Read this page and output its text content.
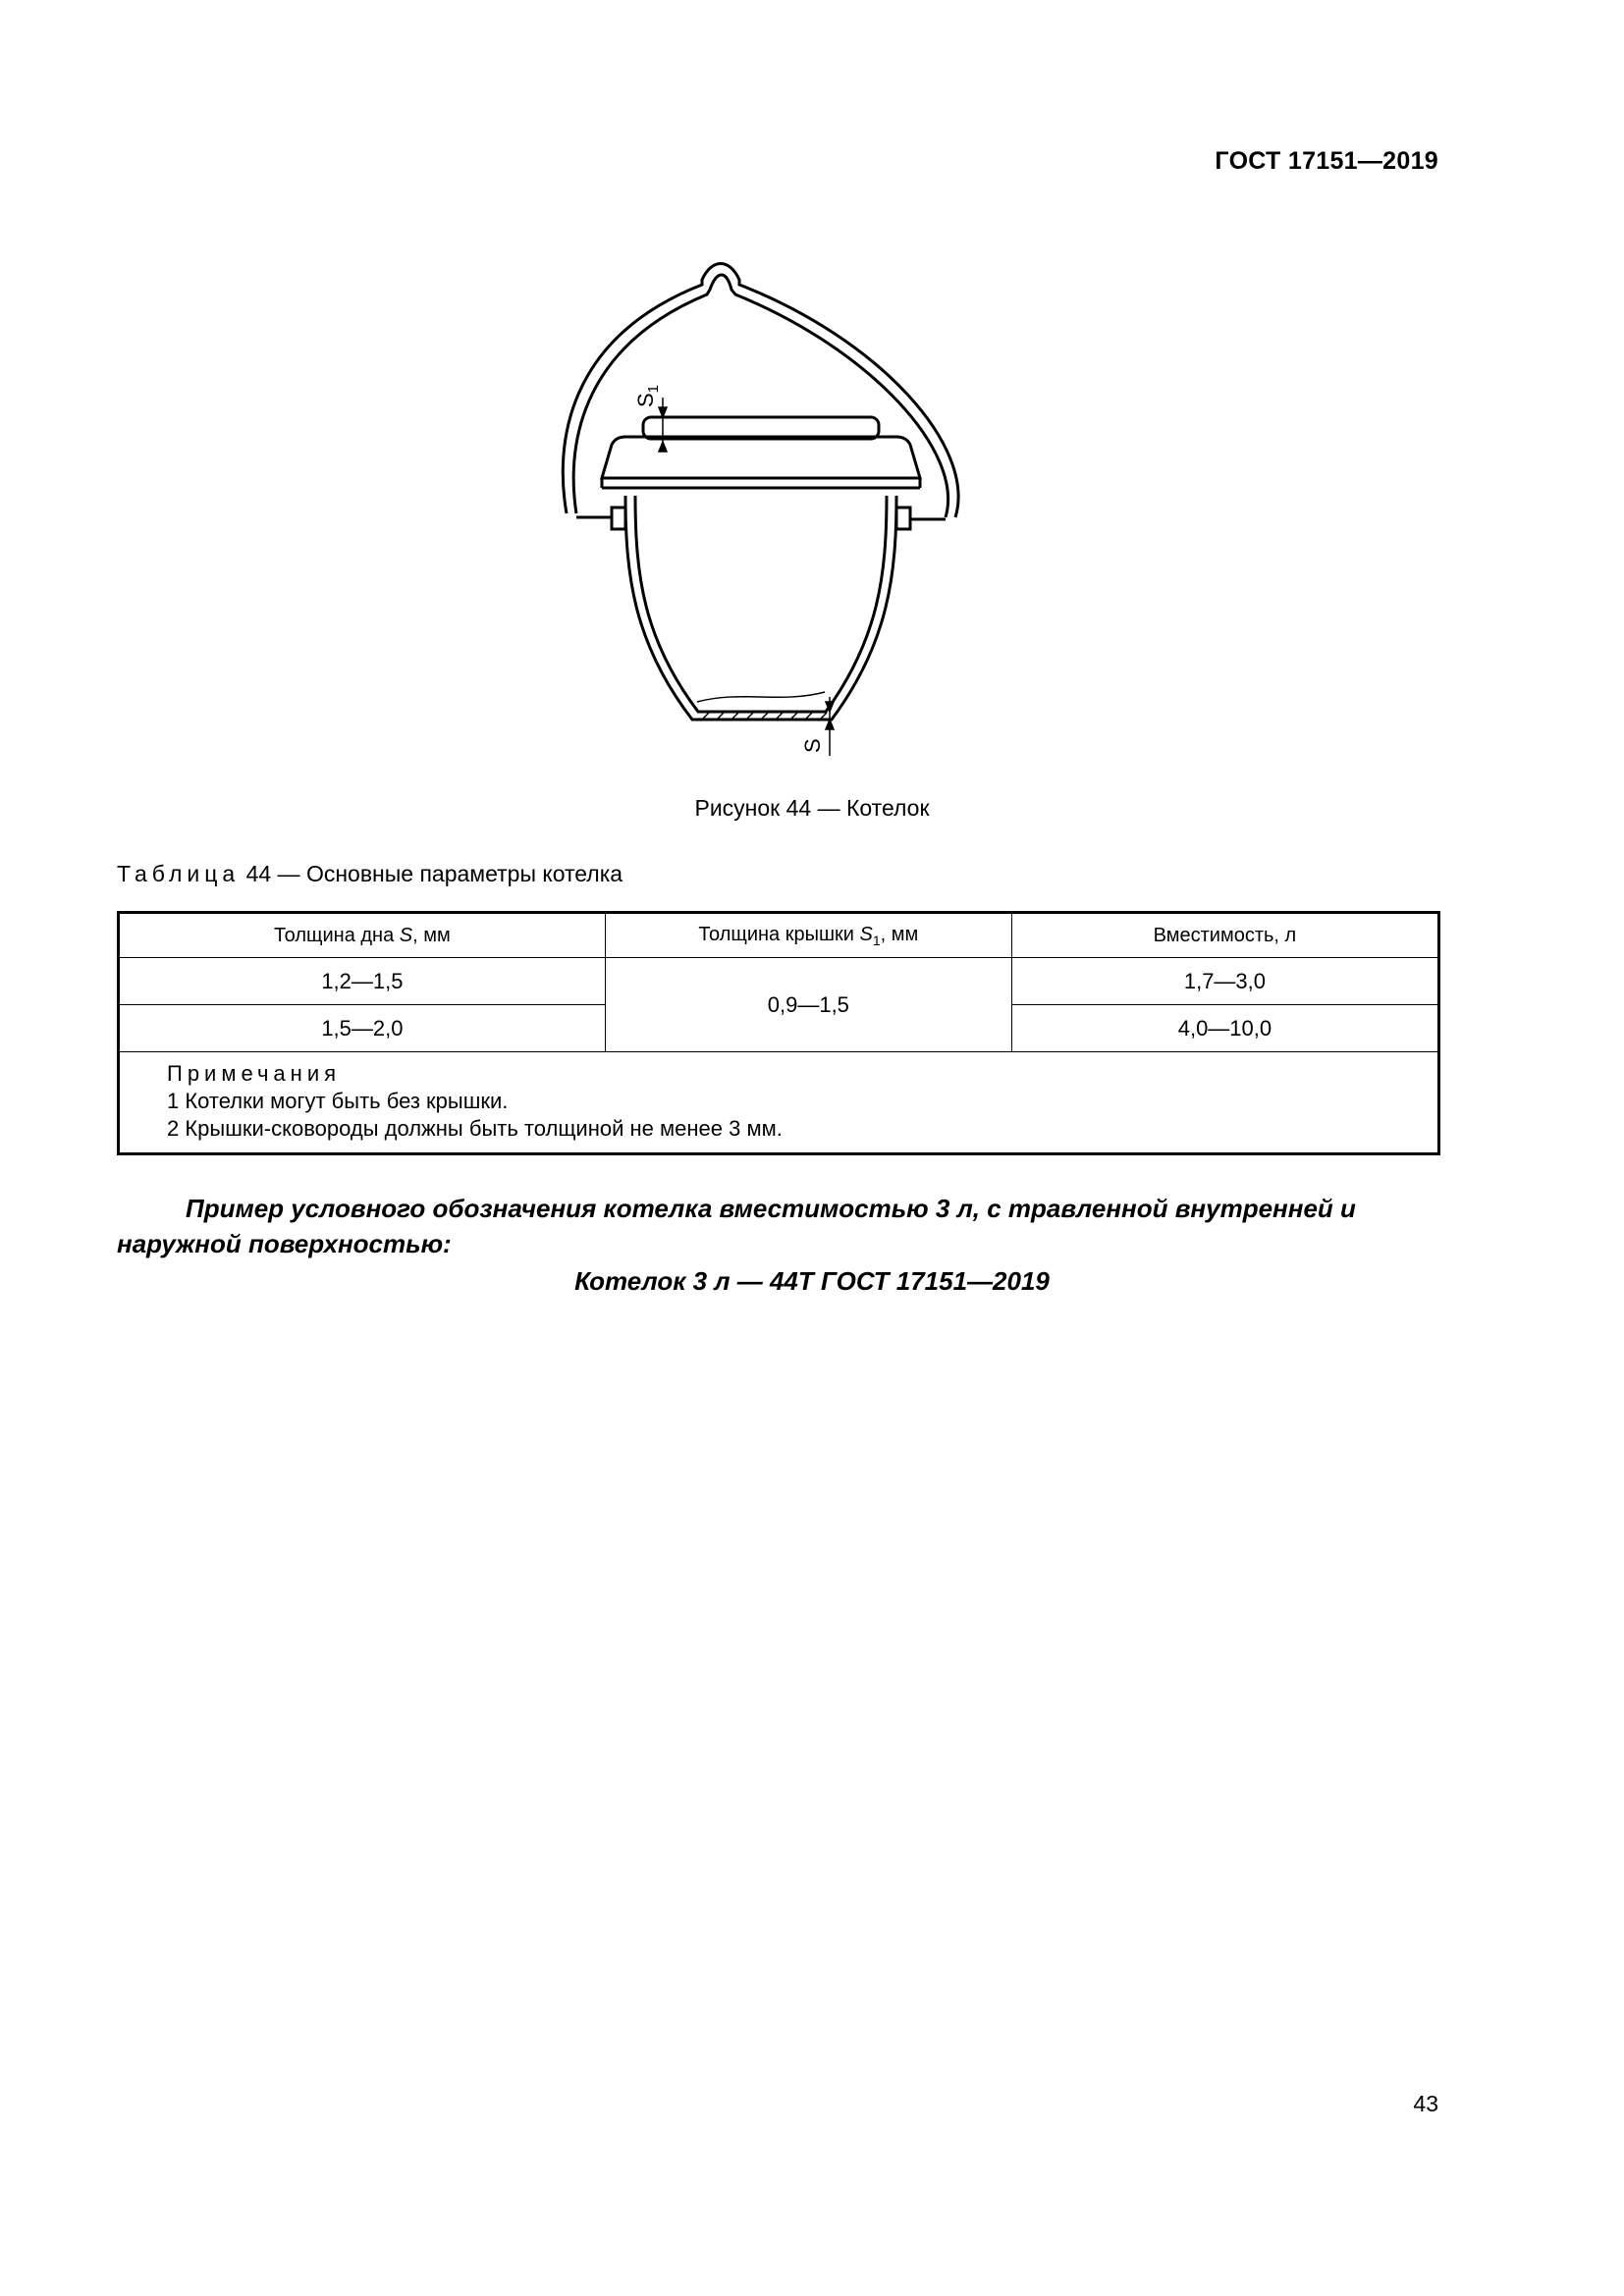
ГОСТ 17151—2019
$S_1$
S
Рисунок 44 — Котелок
Таблица 44 — Основные параметры котелка
Толщина дна S, мм	Толщина крышки $S_1$, мм	Вместимость, л
1,2—1,5	0,9—1,5	1,7—3,0
1,5—2,0		4,0—10,0

Примечания
1 Котелки могут быть без крышки.
2 Крышки-сковороды должны быть толщиной не менее 3 мм.		
Пример условного обозначения котелка вместимостью 3 л, с травленной внутренней и наружной поверхностью:
Котелок 3 л — 44Т ГОСТ 17151—2019
43
